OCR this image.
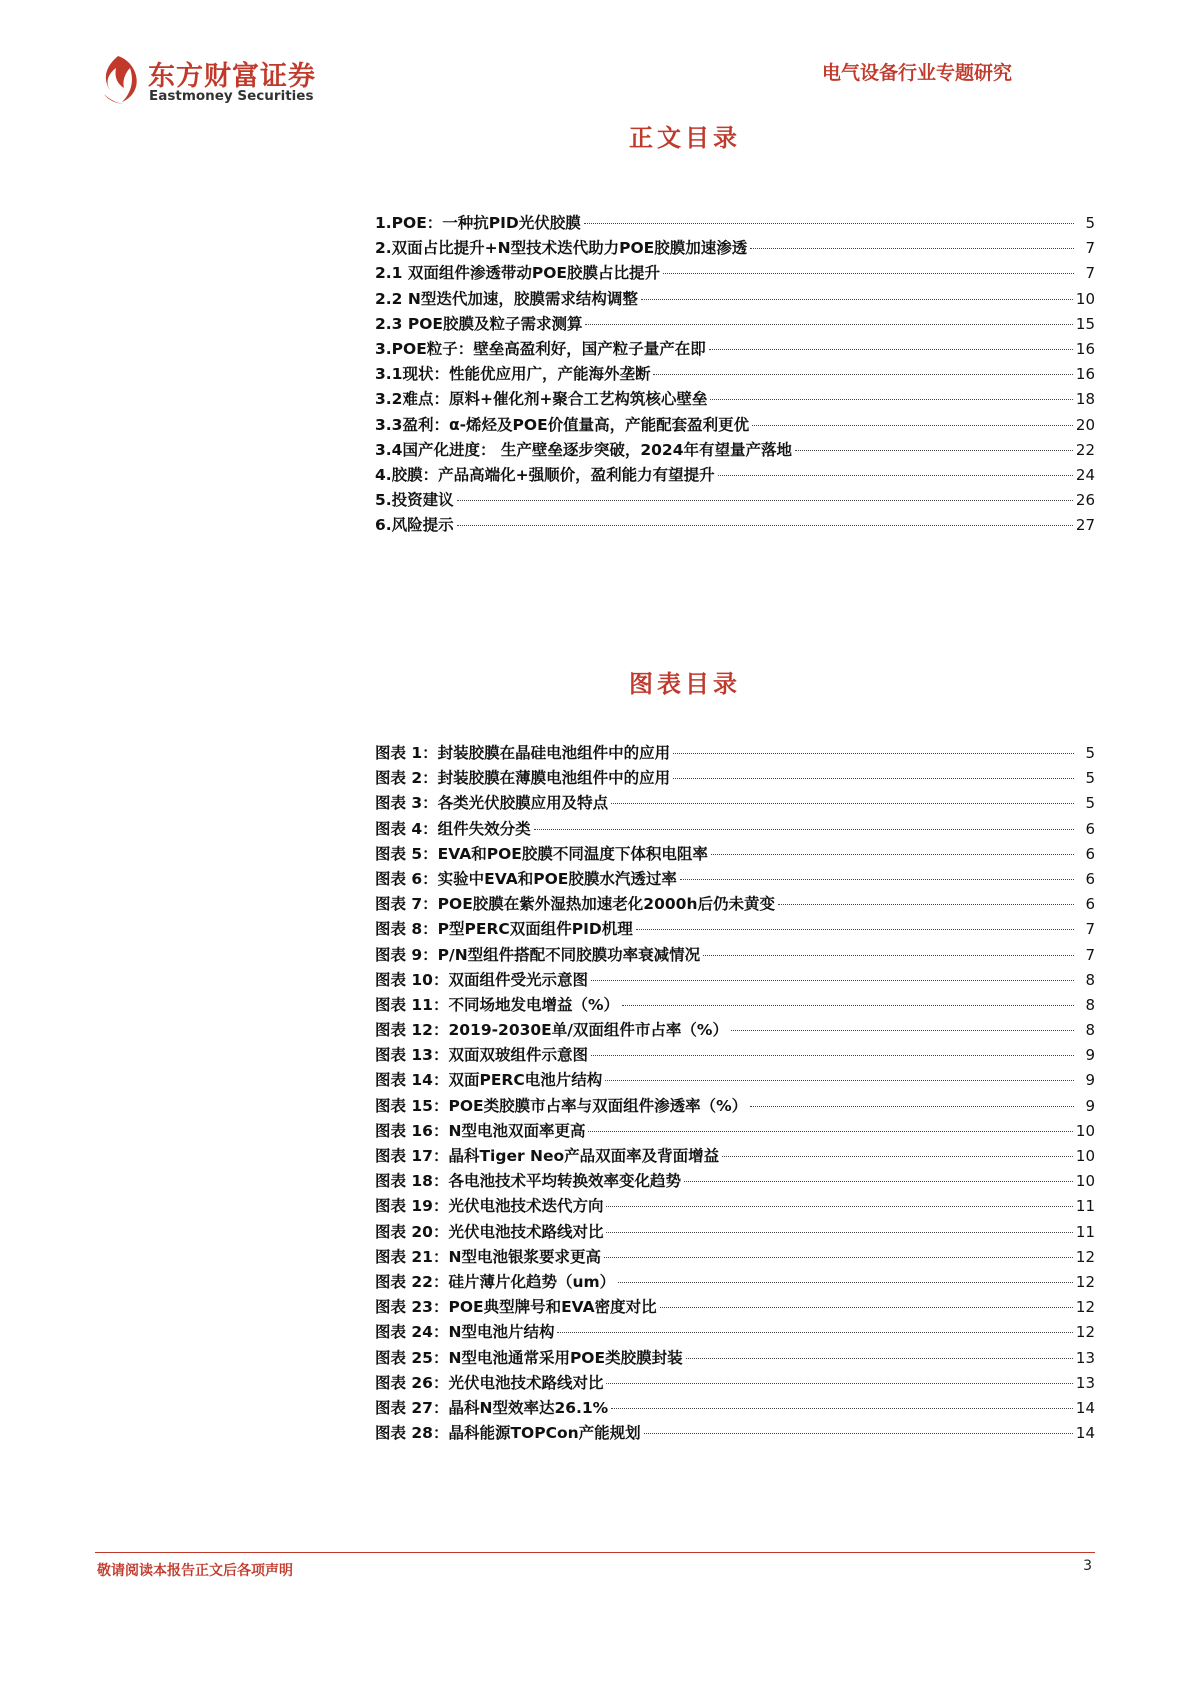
东方财富证券
Eastmoney Securities
电气设备行业专题研究
正文目录
1.POE：一种抗PID光伏胶膜	5
2.双面占比提升+N型技术迭代助力POE胶膜加速渗透	7
2.1 双面组件渗透带动POE胶膜占比提升	7
2.2 N型迭代加速，胶膜需求结构调整	10
2.3 POE胶膜及粒子需求测算	15
3.POE粒子：壁垒高盈利好，国产粒子量产在即	16
3.1现状：性能优应用广，产能海外垄断	16
3.2难点：原料+催化剂+聚合工艺构筑核心壁垒	18
3.3盈利：α-烯烃及POE价值量高，产能配套盈利更优	20
3.4国产化进度： 生产壁垒逐步突破，2024年有望量产落地	22
4.胶膜：产品高端化+强顺价，盈利能力有望提升	24
5.投资建议	26
6.风险提示	27
图表目录
图表 1：封装胶膜在晶硅电池组件中的应用	5
图表 2：封装胶膜在薄膜电池组件中的应用	5
图表 3：各类光伏胶膜应用及特点	5
图表 4：组件失效分类	6
图表 5：EVA和POE胶膜不同温度下体积电阻率	6
图表 6：实验中EVA和POE胶膜水汽透过率	6
图表 7：POE胶膜在紫外湿热加速老化2000h后仍未黄变	6
图表 8：P型PERC双面组件PID机理	7
图表 9：P/N型组件搭配不同胶膜功率衰减情况	7
图表 10：双面组件受光示意图	8
图表 11：不同场地发电增益（%）	8
图表 12：2019-2030E单/双面组件市占率（%）	8
图表 13：双面双玻组件示意图	9
图表 14：双面PERC电池片结构	9
图表 15：POE类胶膜市占率与双面组件渗透率（%）	9
图表 16：N型电池双面率更高	10
图表 17：晶科Tiger Neo产品双面率及背面增益	10
图表 18：各电池技术平均转换效率变化趋势	10
图表 19：光伏电池技术迭代方向	11
图表 20：光伏电池技术路线对比	11
图表 21：N型电池银浆要求更高	12
图表 22：硅片薄片化趋势（um）	12
图表 23：POE典型牌号和EVA密度对比	12
图表 24：N型电池片结构	12
图表 25：N型电池通常采用POE类胶膜封装	13
图表 26：光伏电池技术路线对比	13
图表 27：晶科N型效率达26.1%	14
图表 28：晶科能源TOPCon产能规划	14
敬请阅读本报告正文后各项声明	3
